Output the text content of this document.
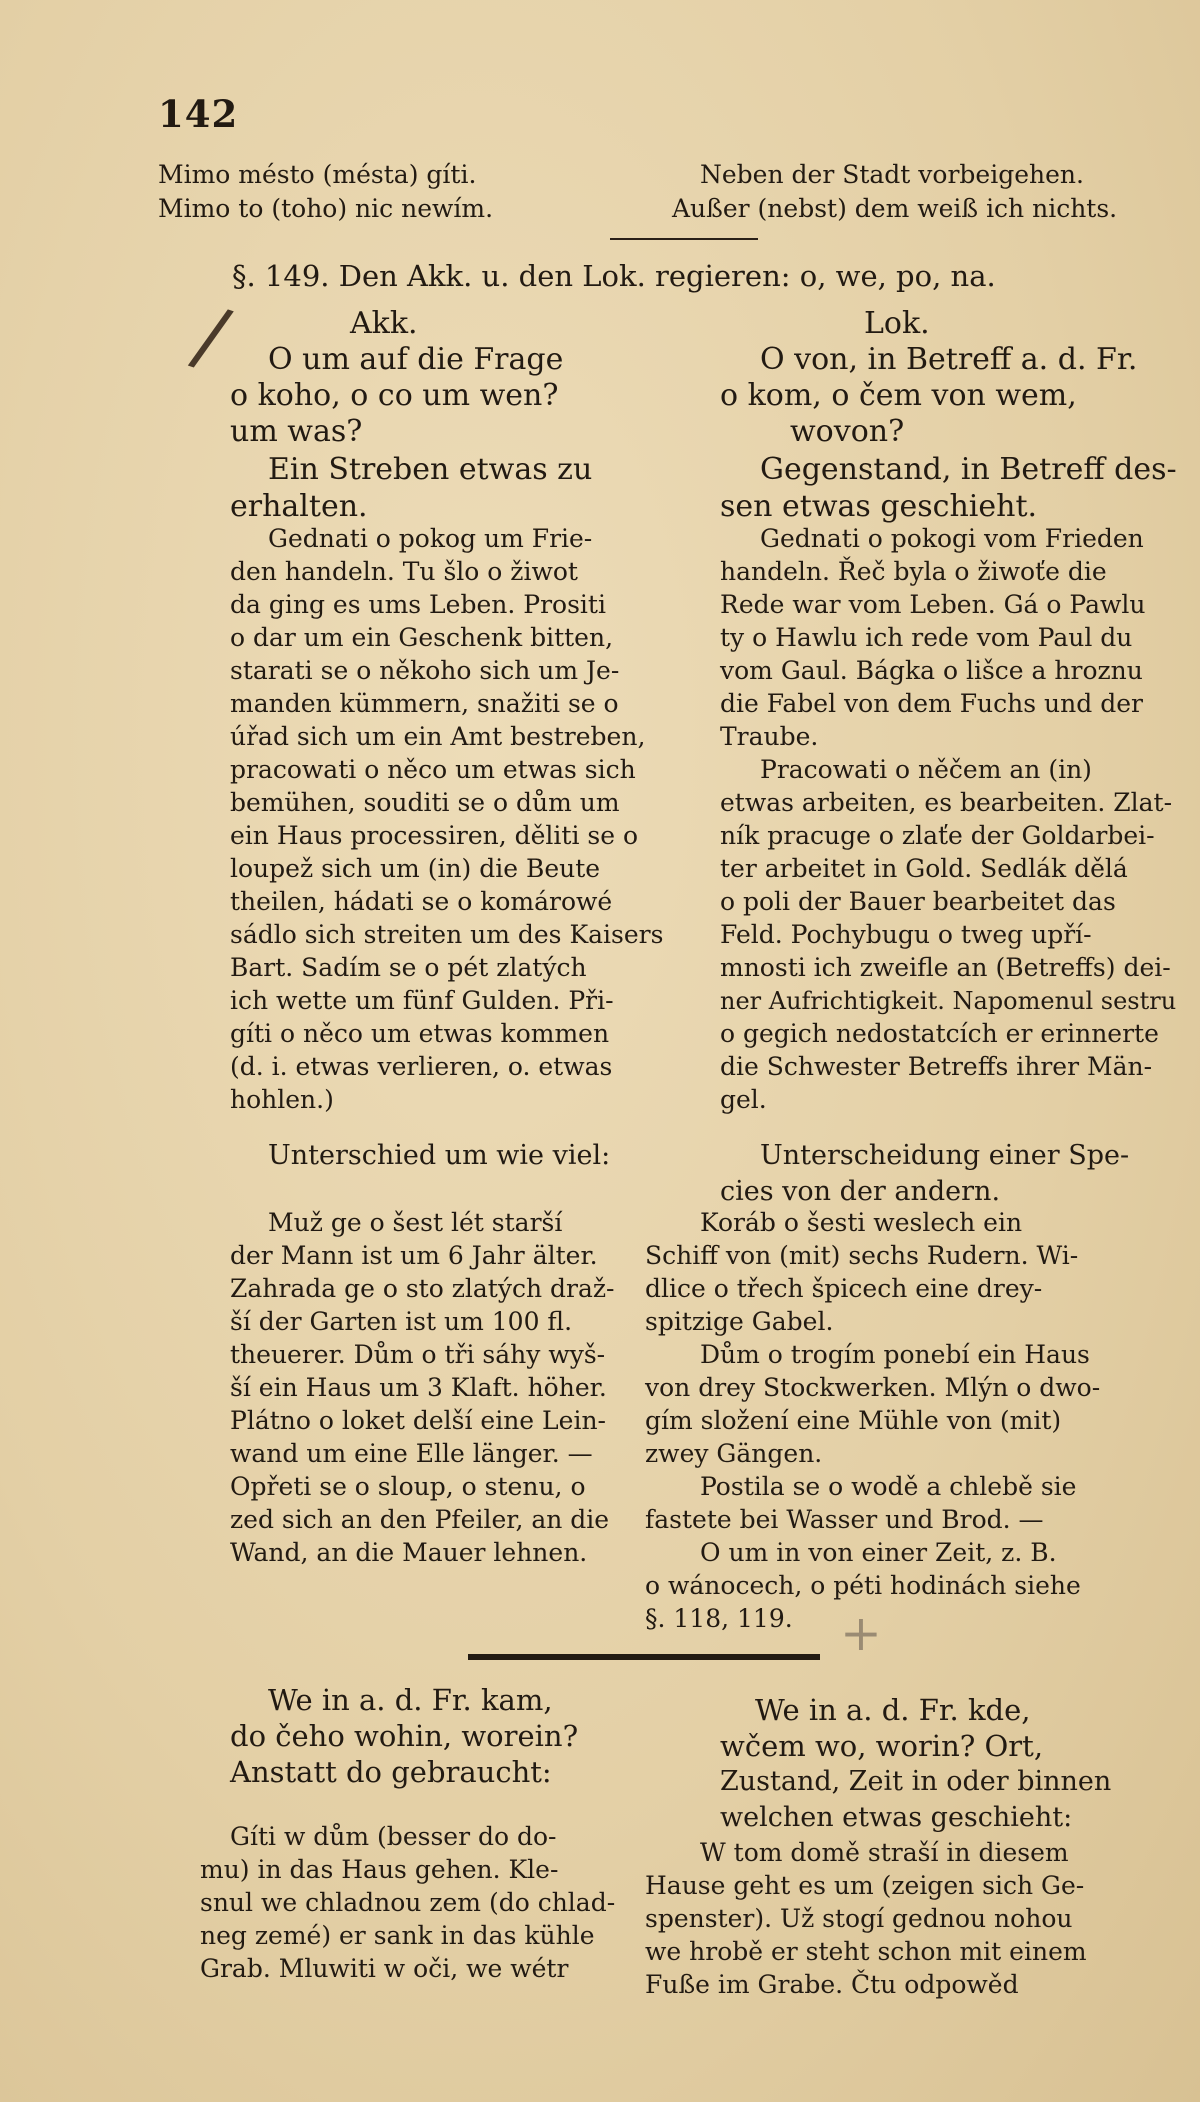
142
Mimo mésto (mésta) gíti.	Neben der Stadt vorbeigehen.
Mimo to (toho) nic newím.	Außer (nebst) dem weiß ich nichts.
§. 149. Den Akk. u. den Lok. regieren: o, we, po, na.
/	Akk.
O um auf die Frage
o koho, o co um wen?
um was?
Ein Streben etwas zu
erhalten.
Gednati o pokog um Frie-
den handeln. Tu šlo o žiwot
da ging es ums Leben. Prositi
o dar um ein Geschenk bitten,
starati se o někoho sich um Je-
manden kümmern, snažiti se o
úřad sich um ein Amt bestreben,
pracowati o něco um etwas sich
bemühen, souditi se o dům um
ein Haus processiren, děliti se o
loupež sich um (in) die Beute
theilen, hádati se o komárowé
sádlo sich streiten um des Kaisers
Bart. Sadím se o pét zlatých
ich wette um fünf Gulden. Při-
gíti o něco um etwas kommen
(d. i. etwas verlieren, o. etwas
hohlen.)
Unterschied um wie viel:
Muž ge o šest lét starší
der Mann ist um 6 Jahr älter.
Zahrada ge o sto zlatých draž-
ší der Garten ist um 100 fl.
theuerer. Dům o tři sáhy wyš-
ší ein Haus um 3 Klaft. höher.
Plátno o loket delší eine Lein-
wand um eine Elle länger. —
Opřeti se o sloup, o stenu, o
zed sich an den Pfeiler, an die
Wand, an die Mauer lehnen.
Lok.
O von, in Betreff a. d. Fr.
o kom, o čem von wem,
wovon?
Gegenstand, in Betreff des-
sen etwas geschieht.
Gednati o pokogi vom Frieden
handeln. Řeč byla o žiwoťe die
Rede war vom Leben. Gá o Pawlu
ty o Hawlu ich rede vom Paul du
vom Gaul. Bágka o lišce a hroznu
die Fabel von dem Fuchs und der
Traube.
Pracowati o něčem an (in)
etwas arbeiten, es bearbeiten. Zlat-
ník pracuge o zlaťe der Goldarbei-
ter arbeitet in Gold. Sedlák dělá
o poli der Bauer bearbeitet das
Feld. Pochybugu o tweg upří-
mnosti ich zweifle an (Betreffs) dei-
ner Aufrichtigkeit. Napomenul sestru
o gegich nedostatcích er erinnerte
die Schwester Betreffs ihrer Män-
gel.
Unterscheidung einer Spe-
cies von der andern.
Koráb o šesti weslech ein
Schiff von (mit) sechs Rudern. Wi-
dlice o třech špicech eine drey-
spitzige Gabel.
Dům o trogím ponebí ein Haus
von drey Stockwerken. Mlýn o dwo-
gím složení eine Mühle von (mit)
zwey Gängen.
Postila se o wodě a chlebě sie
fastete bei Wasser und Brod. —
O um in von einer Zeit, z. B.
o wánocech, o péti hodinách siehe
§. 118, 119. +
We in a. d. Fr. kam,
do čeho wohin, worein?
Anstatt do gebraucht:
Gíti w dům (besser do do-
mu) in das Haus gehen. Kle-
snul we chladnou zem (do chlad-
neg zemé) er sank in das kühle
Grab. Mluwiti w oči, we wétr
We in a. d. Fr. kde,
wčem wo, worin? Ort,
Zustand, Zeit in oder binnen
welchen etwas geschieht:
W tom domě straší in diesem
Hause geht es um (zeigen sich Ge-
spenster). Už stogí gednou nohou
we hrobě er steht schon mit einem
Fuße im Grabe. Čtu odpowěd
